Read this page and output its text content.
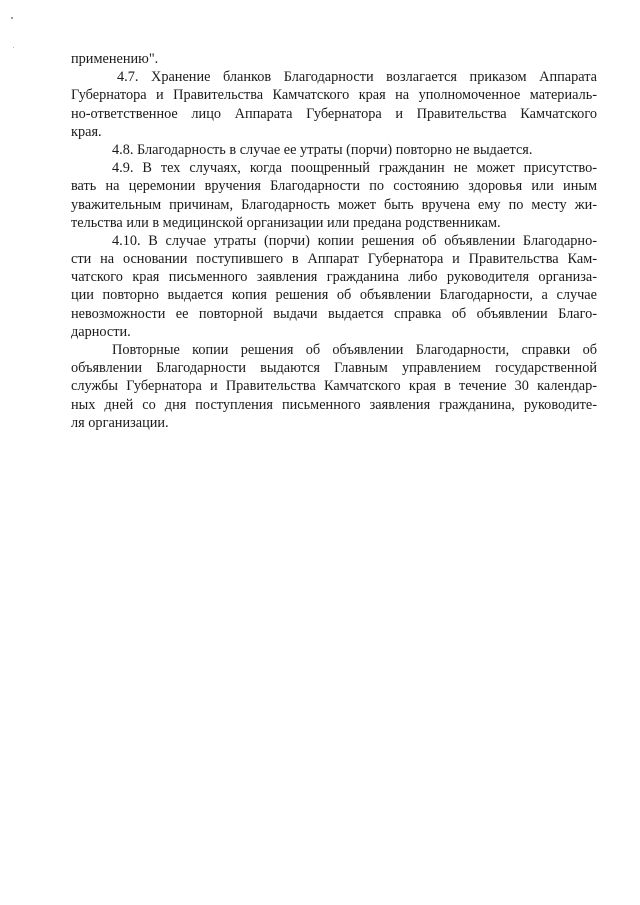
применению".
4.7. Хранение бланков Благодарности возлагается приказом Аппарата
Губернатора и Правительства Камчатского края на уполномоченное материаль-
но-ответственное лицо Аппарата Губернатора и Правительства Камчатского
края.
4.8. Благодарность в случае ее утраты (порчи) повторно не выдается.
4.9. В тех случаях, когда поощренный гражданин не может присутство-
вать на церемонии вручения Благодарности по состоянию здоровья или иным
уважительным причинам, Благодарность может быть вручена ему по месту жи-
тельства или в медицинской организации или предана родственникам.
4.10. В случае утраты (порчи) копии решения об объявлении Благодарно-
сти на основании поступившего в Аппарат Губернатора и Правительства Кам-
чатского края письменного заявления гражданина либо руководителя организа-
ции повторно выдается копия решения об объявлении Благодарности, а случае
невозможности ее повторной выдачи выдается справка об объявлении Благо-
дарности.
Повторные копии решения об объявлении Благодарности, справки об
объявлении Благодарности выдаются Главным управлением государственной
службы Губернатора и Правительства Камчатского края в течение 30 календар-
ных дней со дня поступления письменного заявления гражданина, руководите-
ля организации.
